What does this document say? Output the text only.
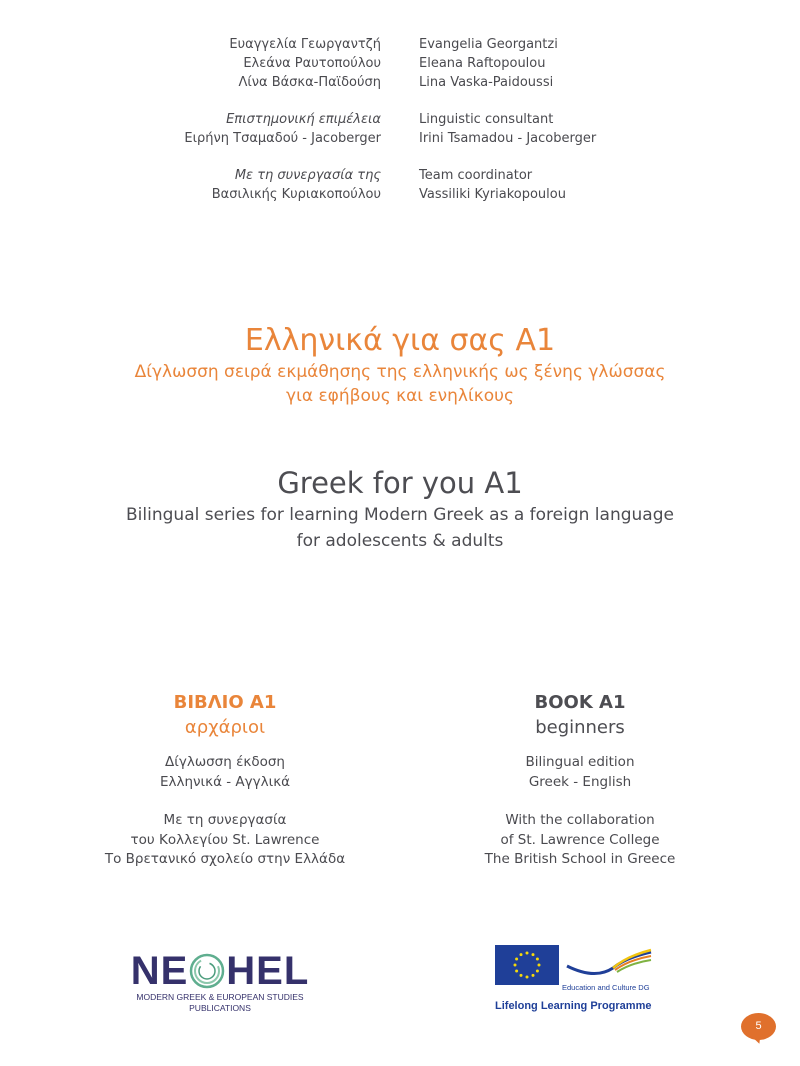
Ευαγγελία Γεωργαντζή
Ελεάνα Ραυτοπούλου
Λίνα Βάσκα-Παϊδούση
Evangelia Georgantzi
Eleana Raftopoulou
Lina Vaska-Paidoussi
Επιστημονική επιμέλεια
Ειρήνη Τσαμαδού - Jacoberger
Linguistic consultant
Irini Tsamadou - Jacoberger
Με τη συνεργασία της
Βασιλικής Κυριακοπούλου
Team coordinator
Vassiliki Kyriakopoulou
Ελληνικά για σας Α1
Δίγλωσση σειρά εκμάθησης της ελληνικής ως ξένης γλώσσας
για εφήβους και ενηλίκους
Greek for you A1
Bilingual series for learning Modern Greek as a foreign language
for adolescents & adults
ΒΙΒΛΙΟ Α1
αρχάριοι
Δίγλωσση έκδοση
Ελληνικά - Αγγλικά
Με τη συνεργασία
του Κολλεγίου St. Lawrence
Το Βρετανικό σχολείο στην Ελλάδα
BOOK A1
beginners
Bilingual edition
Greek - English
With the collaboration
of St. Lawrence College
The British School in Greece
NE HEL
MODERN GREEK & EUROPEAN STUDIES
PUBLICATIONS
Education and Culture DG
Lifelong Learning Programme
5
